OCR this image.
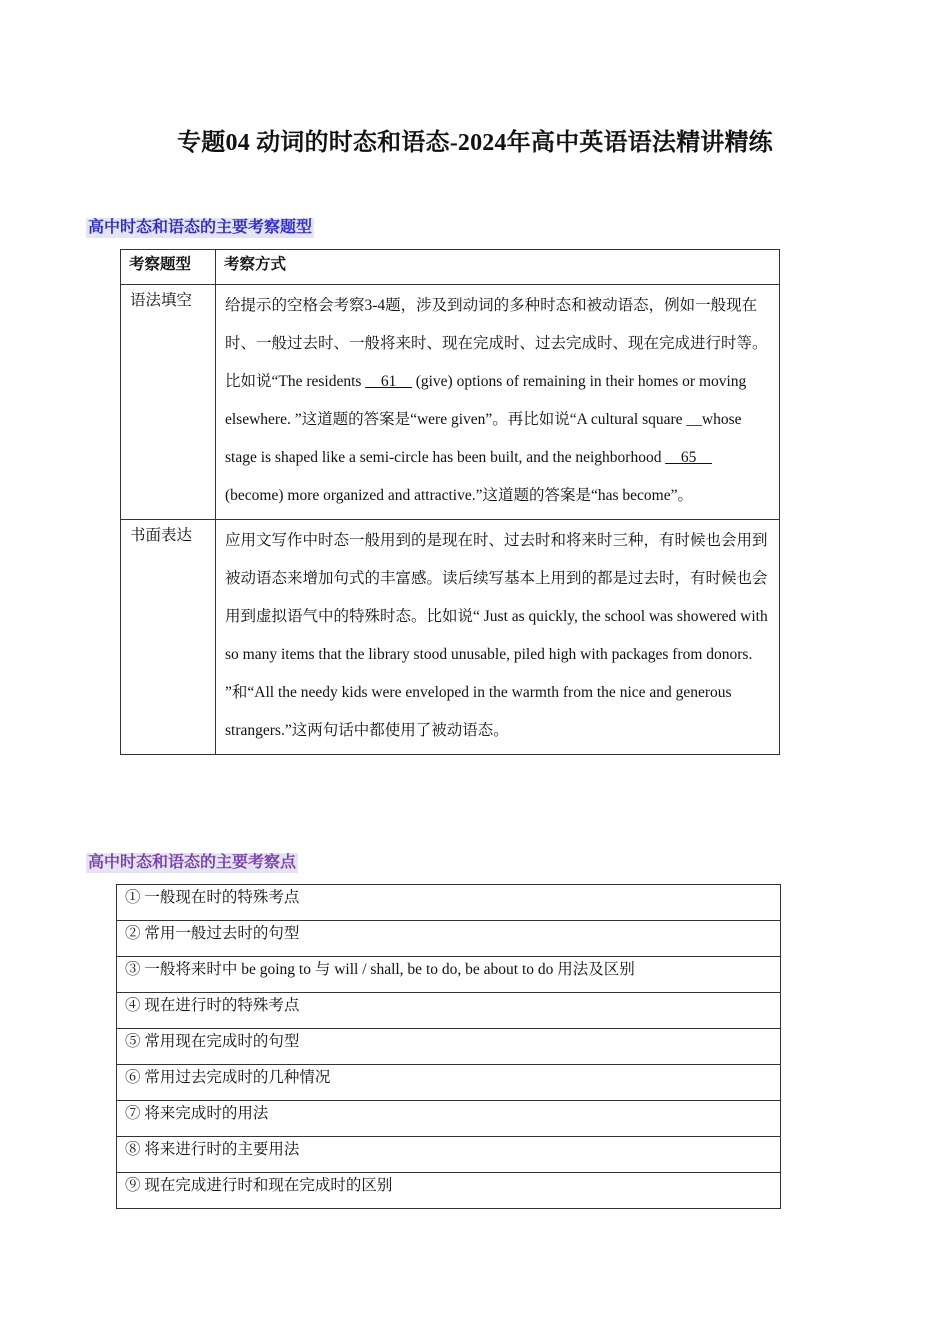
专题04 动词的时态和语态-2024年高中英语语法精讲精练
高中时态和语态的主要考察题型
考察题型	考察方式
语法填空	给提示的空格会考察3-4题，涉及到动词的多种时态和被动语态，例如一般现在时、一般过去时、一般将来时、现在完成时、过去完成时、现在完成进行时等。比如说“The residents __61__ (give) options of remaining in their homes or moving elsewhere. ”这道题的答案是“were given”。再比如说“A cultural square __whose stage is shaped like a semi-circle has been built, and the neighborhood __65__ (become) more organized and attractive.”这道题的答案是“has become”。
书面表达	应用文写作中时态一般用到的是现在时、过去时和将来时三种，有时候也会用到被动语态来增加句式的丰富感。读后续写基本上用到的都是过去时，有时候也会用到虚拟语气中的特殊时态。比如说“ Just as quickly, the school was showered with so many items that the library stood unusable, piled high with packages from donors. ”和“All the needy kids were enveloped in the warmth from the nice and generous strangers.”这两句话中都使用了被动语态。
高中时态和语态的主要考察点
① 一般现在时的特殊考点
② 常用一般过去时的句型
③ 一般将来时中 be going to 与 will / shall, be to do, be about to do 用法及区别
④ 现在进行时的特殊考点
⑤ 常用现在完成时的句型
⑥ 常用过去完成时的几种情况
⑦ 将来完成时的用法
⑧ 将来进行时的主要用法
⑨ 现在完成进行时和现在完成时的区别
